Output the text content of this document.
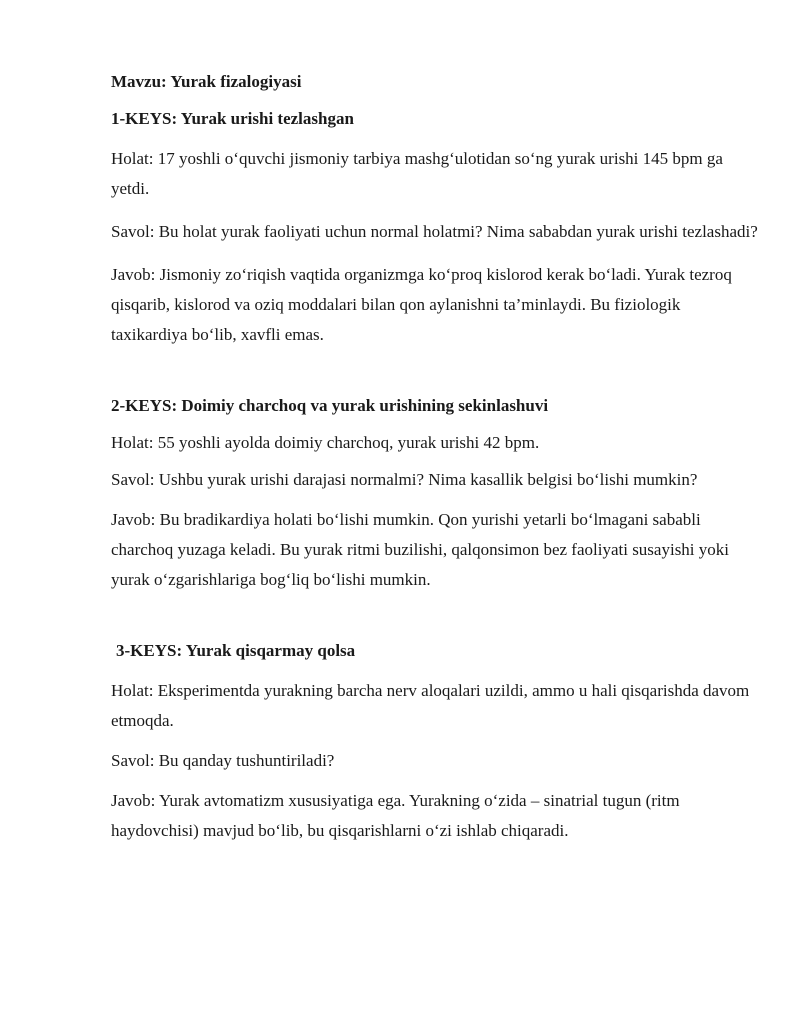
Mavzu: Yurak fizalogiyasi
1-KEYS: Yurak urishi tezlashgan
Holat: 17 yoshli o‘quvchi jismoniy tarbiya mashg‘ulotidan so‘ng yurak urishi 145 bpm ga yetdi.
Savol: Bu holat yurak faoliyati uchun normal holatmi? Nima sababdan yurak urishi tezlashadi?
Javob: Jismoniy zo‘riqish vaqtida organizmga ko‘proq kislorod kerak bo‘ladi. Yurak tezroq qisqarib, kislorod va oziq moddalari bilan qon aylanishni ta’minlaydi. Bu fiziologik taxikardiya bo‘lib, xavfli emas.
2-KEYS: Doimiy charchoq va yurak urishining sekinlashuvi
Holat: 55 yoshli ayolda doimiy charchoq, yurak urishi 42 bpm.
Savol: Ushbu yurak urishi darajasi normalmi? Nima kasallik belgisi bo‘lishi mumkin?
Javob: Bu bradikardiya holati bo‘lishi mumkin. Qon yurishi yetarli bo‘lmagani sababli charchoq yuzaga keladi. Bu yurak ritmi buzilishi, qalqonsimon bez faoliyati susayishi yoki yurak o‘zgarishlariga bog‘liq bo‘lishi mumkin.
3-KEYS: Yurak qisqarmay qolsa
Holat: Eksperimentda yurakning barcha nerv aloqalari uzildi, ammo u hali qisqarishda davom etmoqda.
Savol: Bu qanday tushuntiriladi?
Javob: Yurak avtomatizm xususiyatiga ega. Yurakning o‘zida – sinatrial tugun (ritm haydovchisi) mavjud bo‘lib, bu qisqarishlarni o‘zi ishlab chiqaradi.
